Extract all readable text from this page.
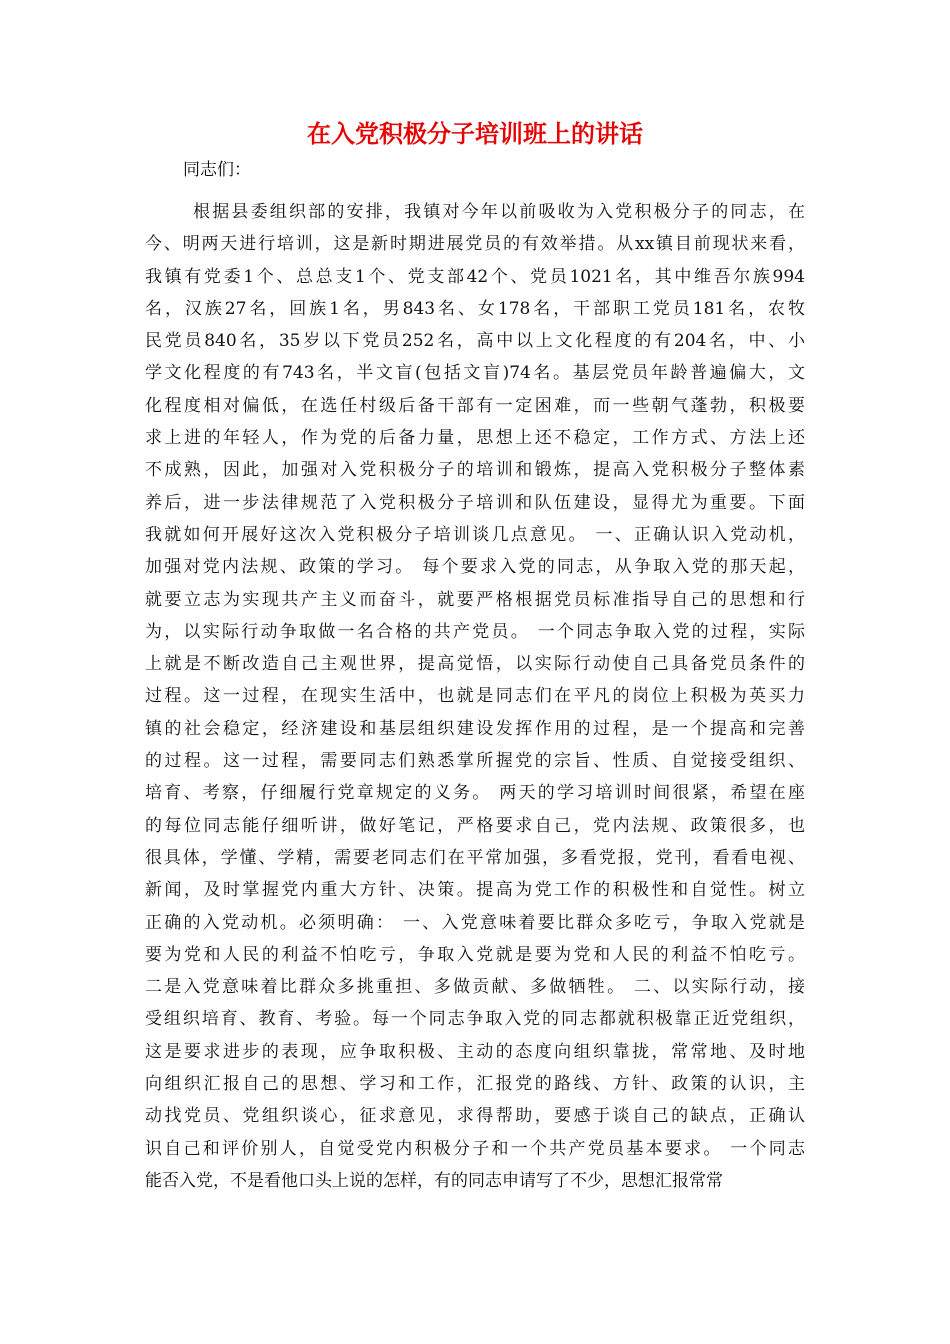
在入党积极分子培训班上的讲话

同志们：

根据县委组织部的安排，我镇对今年以前吸收为入党积极分子的同志，在
今、明两天进行培训，这是新时期进展党员的有效举措。从xx镇目前现状来看，
我镇有党委1个、总总支1个、党支部42个、党员1021名，其中维吾尔族994
名，汉族27名，回族1名，男843名、女178名，干部职工党员181名，农牧
民党员840名，35岁以下党员252名，高中以上文化程度的有204名，中、小
学文化程度的有743名，半文盲(包括文盲)74名。基层党员年龄普遍偏大，文
化程度相对偏低，在选任村级后备干部有一定困难，而一些朝气蓬勃，积极要
求上进的年轻人，作为党的后备力量，思想上还不稳定，工作方式、方法上还
不成熟，因此，加强对入党积极分子的培训和锻炼，提高入党积极分子整体素
养后，进一步法律规范了入党积极分子培训和队伍建设，显得尤为重要。下面
我就如何开展好这次入党积极分子培训谈几点意见。 一、正确认识入党动机，
加强对党内法规、政策的学习。 每个要求入党的同志，从争取入党的那天起，
就要立志为实现共产主义而奋斗，就要严格根据党员标准指导自己的思想和行
为，以实际行动争取做一名合格的共产党员。 一个同志争取入党的过程，实际
上就是不断改造自己主观世界，提高觉悟，以实际行动使自己具备党员条件的
过程。这一过程，在现实生活中，也就是同志们在平凡的岗位上积极为英买力
镇的社会稳定，经济建设和基层组织建设发挥作用的过程，是一个提高和完善
的过程。这一过程，需要同志们熟悉掌所握党的宗旨、性质、自觉接受组织、
培育、考察，仔细履行党章规定的义务。 两天的学习培训时间很紧，希望在座
的每位同志能仔细听讲，做好笔记，严格要求自己，党内法规、政策很多，也
很具体，学懂、学精，需要老同志们在平常加强，多看党报，党刊，看看电视、
新闻，及时掌握党内重大方针、决策。提高为党工作的积极性和自觉性。树立
正确的入党动机。必须明确： 一、入党意味着要比群众多吃亏，争取入党就是
要为党和人民的利益不怕吃亏，争取入党就是要为党和人民的利益不怕吃亏。
二是入党意味着比群众多挑重担、多做贡献、多做牺牲。 二、以实际行动，接
受组织培育、教育、考验。每一个同志争取入党的同志都就积极靠正近党组织，
这是要求进步的表现，应争取积极、主动的态度向组织靠拢，常常地、及时地
向组织汇报自己的思想、学习和工作，汇报党的路线、方针、政策的认识，主
动找党员、党组织谈心，征求意见，求得帮助，要感于谈自己的缺点，正确认
识自己和评价别人，自觉受党内积极分子和一个共产党员基本要求。 一个同志
能否入党，不是看他口头上说的怎样，有的同志申请写了不少，思想汇报常常
